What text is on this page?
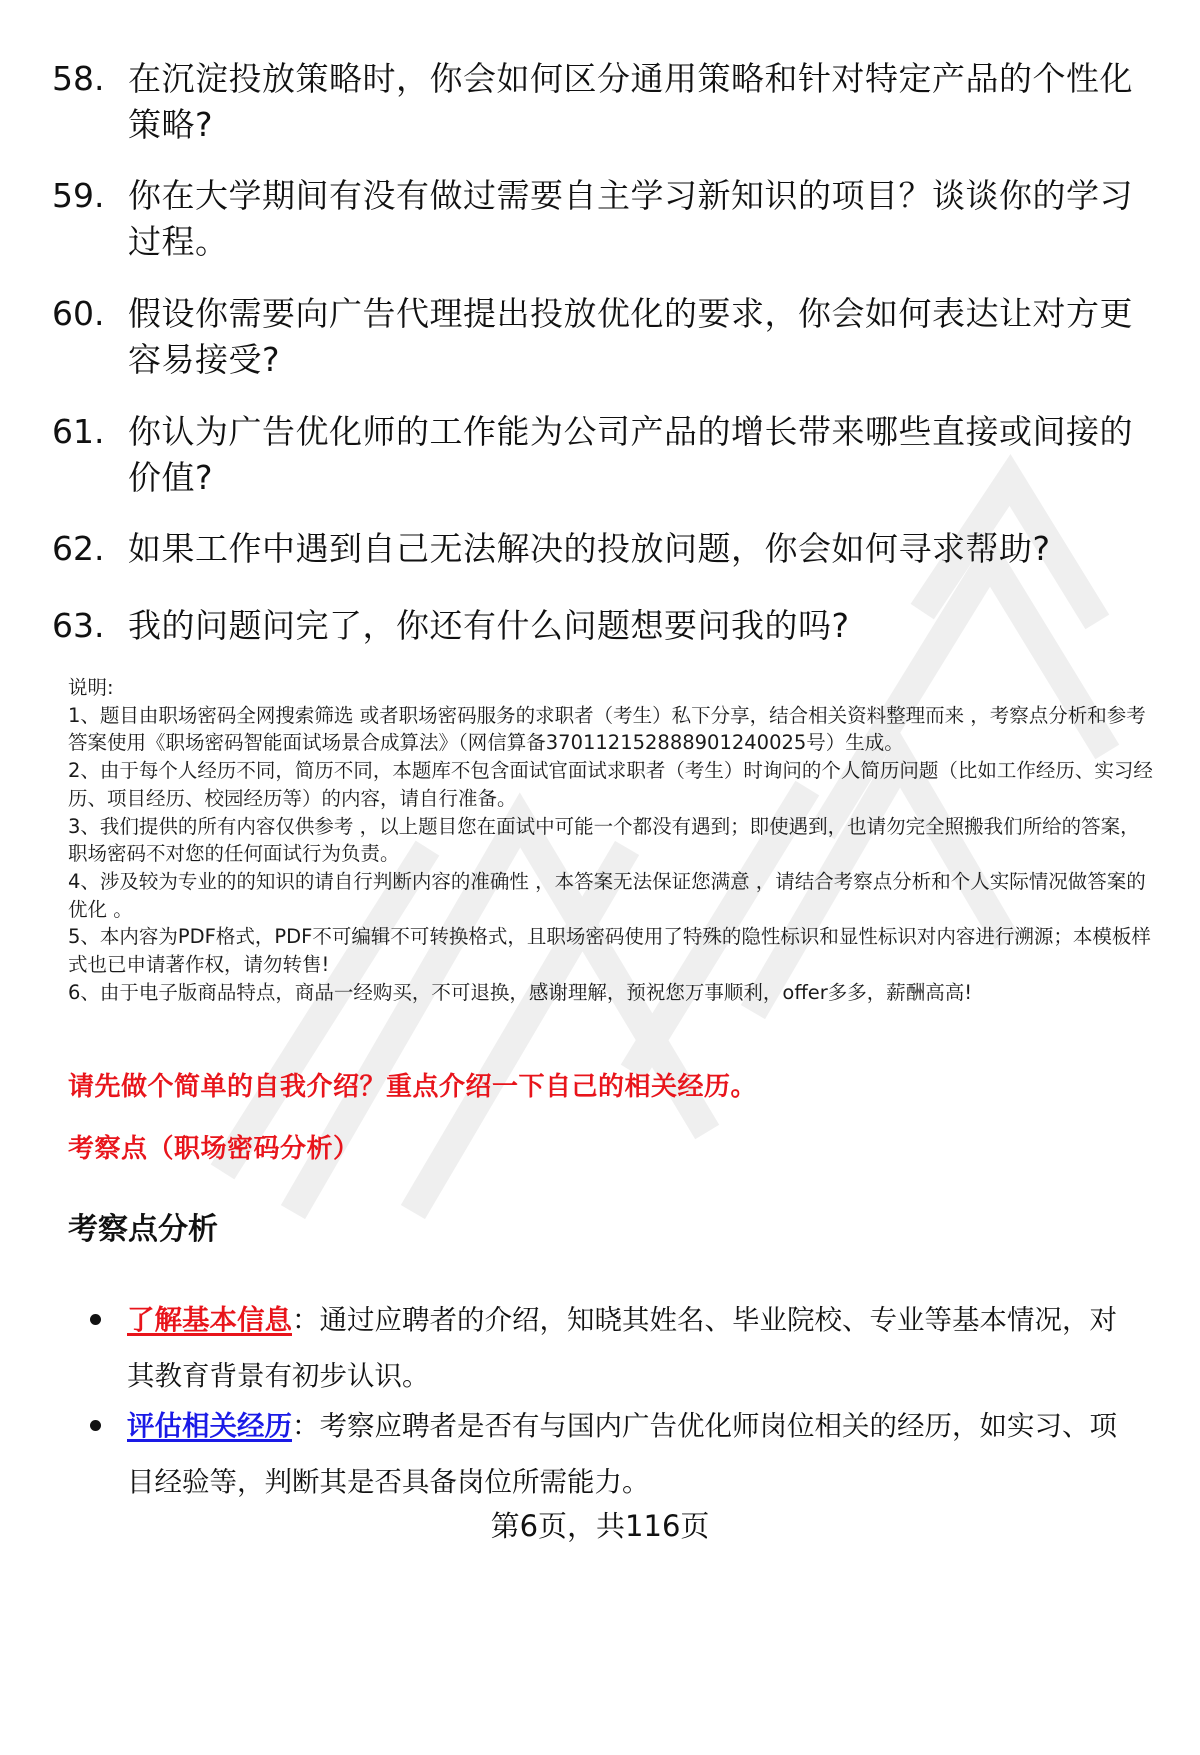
58. 在沉淀投放策略时，你会如何区分通用策略和针对特定产品的个性化策略?
59. 你在大学期间有没有做过需要自主学习新知识的项目？谈谈你的学习过程。
60. 假设你需要向广告代理提出投放优化的要求，你会如何表达让对方更容易接受?
61. 你认为广告优化师的工作能为公司产品的增长带来哪些直接或间接的价值?
62. 如果工作中遇到自己无法解决的投放问题，你会如何寻求帮助?
63. 我的问题问完了，你还有什么问题想要问我的吗?

说明:

1、题目由职场密码全网搜索筛选 或者职场密码服务的求职者（考生）私下分享，结合相关资料整理而来 ，考察点分析和参考答案使用《职场密码智能面试场景合成算法》（网信算备370112152888901240025号）生成。

2、由于每个人经历不同，简历不同，本题库不包含面试官面试求职者（考生）时询问的个人简历问题（比如工作经历、实习经历、项目经历、校园经历等）的内容，请自行准备。

3、我们提供的所有内容仅供参考 ，以上题目您在面试中可能一个都没有遇到；即使遇到，也请勿完全照搬我们所给的答案，职场密码不对您的任何面试行为负责。

4、涉及较为专业的的知识的请自行判断内容的准确性 ，本答案无法保证您满意 ，请结合考察点分析和个人实际情况做答案的优化 。

5、本内容为PDF格式，PDF不可编辑不可转换格式，且职场密码使用了特殊的隐性标识和显性标识对内容进行溯源；本模板样式也已申请著作权，请勿转售!

6、由于电子版商品特点，商品一经购买，不可退换，感谢理解，预祝您万事顺利，offer多多，薪酬高高!

请先做个简单的自我介绍？重点介绍一下自己的相关经历。
考察点（职场密码分析）
考察点分析
了解基本信息：通过应聘者的介绍，知晓其姓名、毕业院校、专业等基本情况，对其教育背景有初步认识。
评估相关经历：考察应聘者是否有与国内广告优化师岗位相关的经历，如实习、项目经验等，判断其是否具备岗位所需能力。
第6页，共116页
